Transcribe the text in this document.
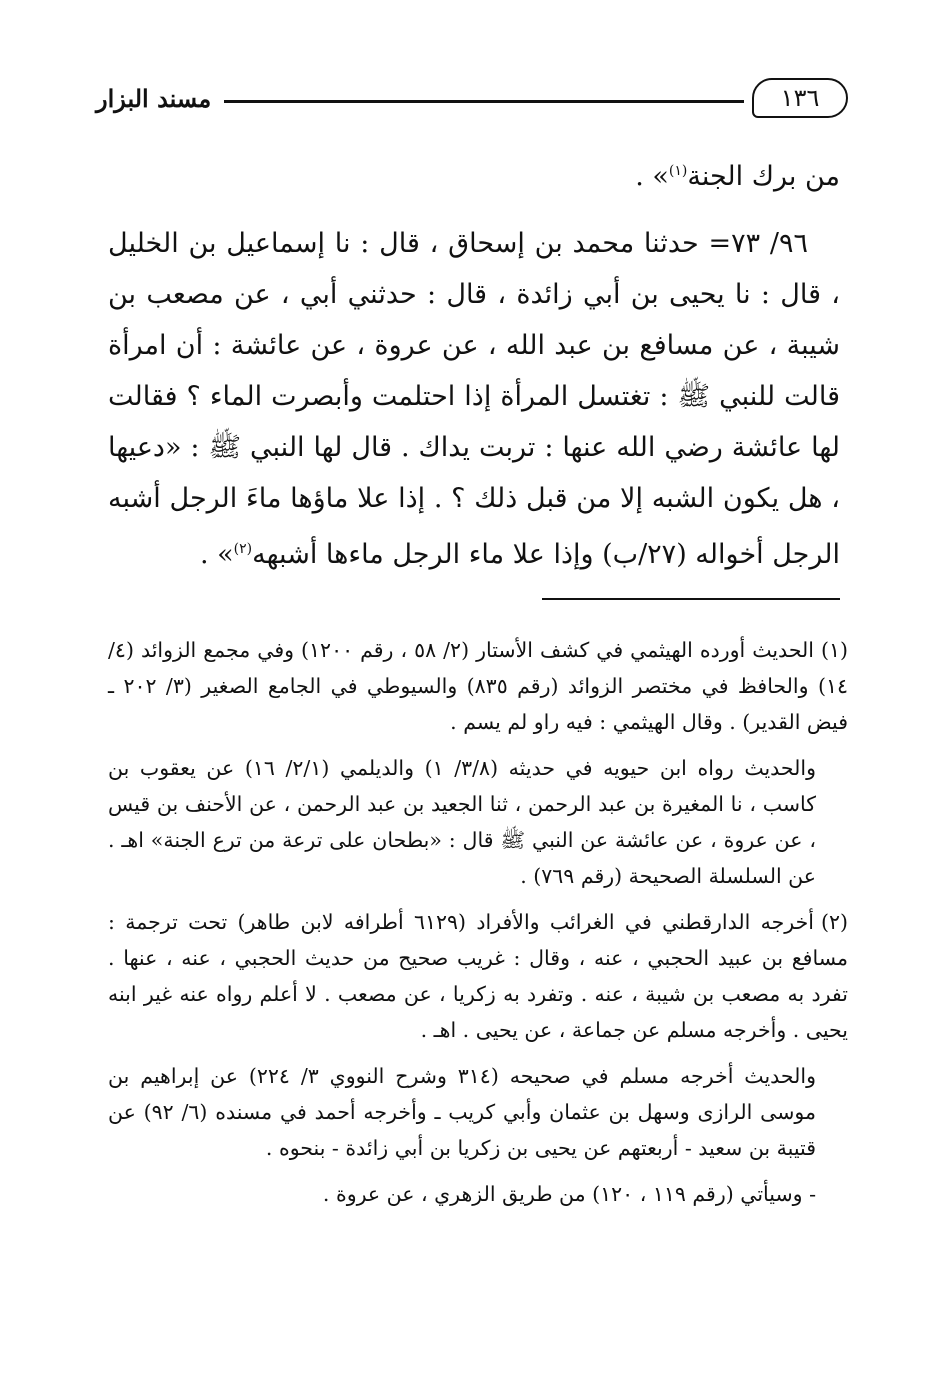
١٣٦
مسند البزار

من برك الجنة$^{(١)}$» .

٩٦/ ٧٣= حدثنا محمد بن إسحاق ، قال : نا إسماعيل بن الخليل ، قال : نا يحيى بن أبي زائدة ، قال : حدثني أبي ، عن مصعب بن شيبة ، عن مسافع بن عبد الله ، عن عروة ، عن عائشة : أن امرأة قالت للنبي ﷺ : تغتسل المرأة إذا احتلمت وأبصرت الماء ؟ فقالت لها عائشة رضي الله عنها : تربت يداك . قال لها النبي ﷺ : «دعيها ، هل يكون الشبه إلا من قبل ذلك ؟ . إذا علا ماؤها ماءَ الرجل أشبه الرجل أخواله (٢٧/ب) وإذا علا ماء الرجل ماءها أشبهه$^{(٢)}$» .

(١)الحديث أورده الهيثمي في كشف الأستار (٢/ ٥٨ ، رقم ١٢٠٠) وفي مجمع الزوائد (٤/ ١٤) والحافظ في مختصر الزوائد (رقم ٨٣٥) والسيوطي في الجامع الصغير (٣/ ٢٠٢ ـ فيض القدير) . وقال الهيثمي : فيه راو لم يسم .

والحديث رواه ابن حيويه في حديثه (٣/٨/ ١) والديلمي (٢/١/ ١٦) عن يعقوب بن كاسب ، نا المغيرة بن عبد الرحمن ، ثنا الجعيد بن عبد الرحمن ، عن الأحنف بن قيس ، عن عروة ، عن عائشة عن النبي ﷺ قال : «بطحان على ترعة من ترع الجنة» اهـ . عن السلسلة الصحيحة (رقم ٧٦٩) .

(٢)أخرجه الدارقطني في الغرائب والأفراد (٦١٢٩ أطرافه لابن طاهر) تحت ترجمة : مسافع بن عبيد الحجبي ، عنه ، وقال : غريب صحيح من حديث الحجبي ، عنه ، عنها . تفرد به مصعب بن شيبة ، عنه . وتفرد به زكريا ، عن مصعب . لا أعلم رواه عنه غير ابنه يحيى . وأخرجه مسلم عن جماعة ، عن يحيى . اهـ .

والحديث أخرجه مسلم في صحيحه (٣١٤ وشرح النووي ٣/ ٢٢٤) عن إبراهيم بن موسى الرازى وسهل بن عثمان وأبي كريب ـ وأخرجه أحمد في مسنده (٦/ ٩٢) عن قتيبة بن سعيد - أربعتهم عن يحيى بن زكريا بن أبي زائدة - بنحوه .

- وسيأتي (رقم ١١٩ ، ١٢٠) من طريق الزهري ، عن عروة .
